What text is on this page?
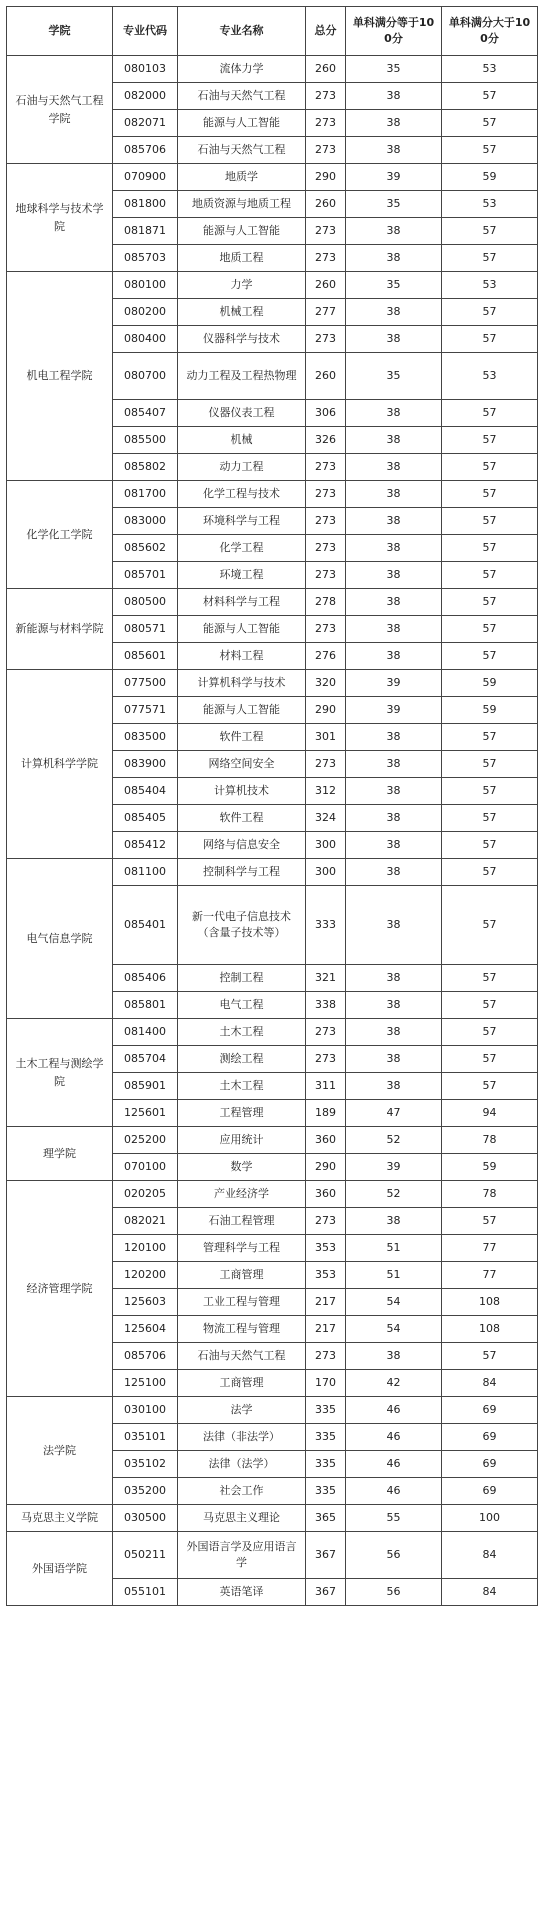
学院	专业代码	专业名称	总分	单科满分等于100分	单科满分大于100分
石油与天然气工程学院	080103	流体力学	260	35	53
	082000	石油与天然气工程	273	38	57
	082071	能源与人工智能	273	38	57
	085706	石油与天然气工程	273	38	57
地球科学与技术学院	070900	地质学	290	39	59
	081800	地质资源与地质工程	260	35	53
	081871	能源与人工智能	273	38	57
	085703	地质工程	273	38	57
机电工程学院	080100	力学	260	35	53
	080200	机械工程	277	38	57
	080400	仪器科学与技术	273	38	57
	080700	动力工程及工程热物理	260	35	53
	085407	仪器仪表工程	306	38	57
	085500	机械	326	38	57
	085802	动力工程	273	38	57
化学化工学院	081700	化学工程与技术	273	38	57
	083000	环境科学与工程	273	38	57
	085602	化学工程	273	38	57
	085701	环境工程	273	38	57
新能源与材料学院	080500	材料科学与工程	278	38	57
	080571	能源与人工智能	273	38	57
	085601	材料工程	276	38	57
计算机科学学院	077500	计算机科学与技术	320	39	59
	077571	能源与人工智能	290	39	59
	083500	软件工程	301	38	57
	083900	网络空间安全	273	38	57
	085404	计算机技术	312	38	57
	085405	软件工程	324	38	57
	085412	网络与信息安全	300	38	57
电气信息学院	081100	控制科学与工程	300	38	57
	085401	新一代电子信息技术（含量子技术等）	333	38	57
	085406	控制工程	321	38	57
	085801	电气工程	338	38	57
土木工程与测绘学院	081400	土木工程	273	38	57
	085704	测绘工程	273	38	57
	085901	土木工程	311	38	57
	125601	工程管理	189	47	94
理学院	025200	应用统计	360	52	78
	070100	数学	290	39	59
经济管理学院	020205	产业经济学	360	52	78
	082021	石油工程管理	273	38	57
	120100	管理科学与工程	353	51	77
	120200	工商管理	353	51	77
	125603	工业工程与管理	217	54	108
	125604	物流工程与管理	217	54	108
	085706	石油与天然气工程	273	38	57
	125100	工商管理	170	42	84
法学院	030100	法学	335	46	69
	035101	法律（非法学）	335	46	69
	035102	法律（法学）	335	46	69
	035200	社会工作	335	46	69
马克思主义学院	030500	马克思主义理论	365	55	100
外国语学院	050211	外国语言学及应用语言学	367	56	84
	055101	英语笔译	367	56	84
